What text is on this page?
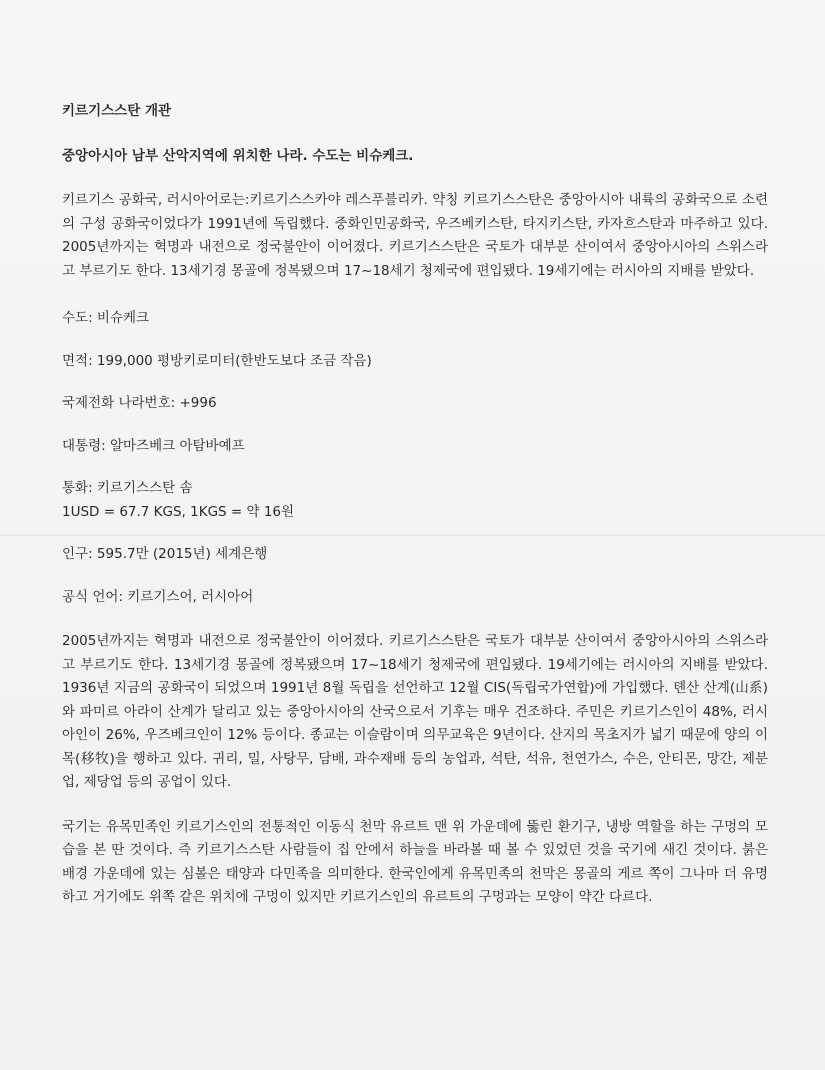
키르기스스탄 개관

중앙아시아 남부 산악지역에 위치한 나라. 수도는 비슈케크.

키르기스 공화국, 러시아어로는:키르기스스카야 레스푸블리카. 약칭 키르기스스탄은 중앙아시아 내륙의 공화국으로 소련의 구성 공화국이었다가 1991년에 독립했다. 중화인민공화국, 우즈베키스탄, 타지키스탄, 카자흐스탄과 마주하고 있다. 2005년까지는 혁명과 내전으로 정국불안이 이어졌다. 키르기스스탄은 국토가 대부분 산이여서 중앙아시아의 스위스라고 부르기도 한다. 13세기경 몽골에 정복됐으며 17~18세기 청제국에 편입됐다. 19세기에는 러시아의 지배를 받았다.

수도: 비슈케크

면적: 199,000 평방키로미터(한반도보다 조금 작음)

국제전화 나라번호: +996

대통령: 알마즈베크 아탐바예프

통화: 키르기스스탄 솜

1USD = 67.7 KGS, 1KGS = 약 16원

인구: 595.7만 (2015년) 세계은행

공식 언어: 키르기스어, 러시아어

2005년까지는 혁명과 내전으로 정국불안이 이어졌다. 키르기스스탄은 국토가 대부분 산이여서 중앙아시아의 스위스라고 부르기도 한다. 13세기경 몽골에 정복됐으며 17~18세기 청제국에 편입됐다. 19세기에는 러시아의 지배를 받았다. 1936년 지금의 공화국이 되었으며 1991년 8월 독립을 선언하고 12월 CIS(독립국가연합)에 가입했다. 톈산 산계(山系)와 파미르 아라이 산계가 달리고 있는 중앙아시아의 산국으로서 기후는 매우 건조하다. 주민은 키르기스인이 48%, 러시아인이 26%, 우즈베크인이 12% 등이다. 종교는 이슬람이며 의무교육은 9년이다. 산지의 목초지가 넓기 때문에 양의 이목(移牧)을 행하고 있다. 귀리, 밀, 사탕무, 담배, 과수재배 등의 농업과, 석탄, 석유, 천연가스, 수은, 안티몬, 망간, 제분업, 제당업 등의 공업이 있다.

국기는 유목민족인 키르기스인의 전통적인 이동식 천막 유르트 맨 위 가운데에 뚫린 환기구, 냉방 역할을 하는 구멍의 모습을 본 딴 것이다. 즉 키르기스스탄 사람들이 집 안에서 하늘을 바라볼 때 볼 수 있었던 것을 국기에 새긴 것이다. 붉은 배경 가운데에 있는 심볼은 태양과 다민족을 의미한다. 한국인에게 유목민족의 천막은 몽골의 게르 쪽이 그나마 더 유명하고 거기에도 위쪽 같은 위치에 구멍이 있지만 키르기스인의 유르트의 구멍과는 모양이 약간 다르다.
